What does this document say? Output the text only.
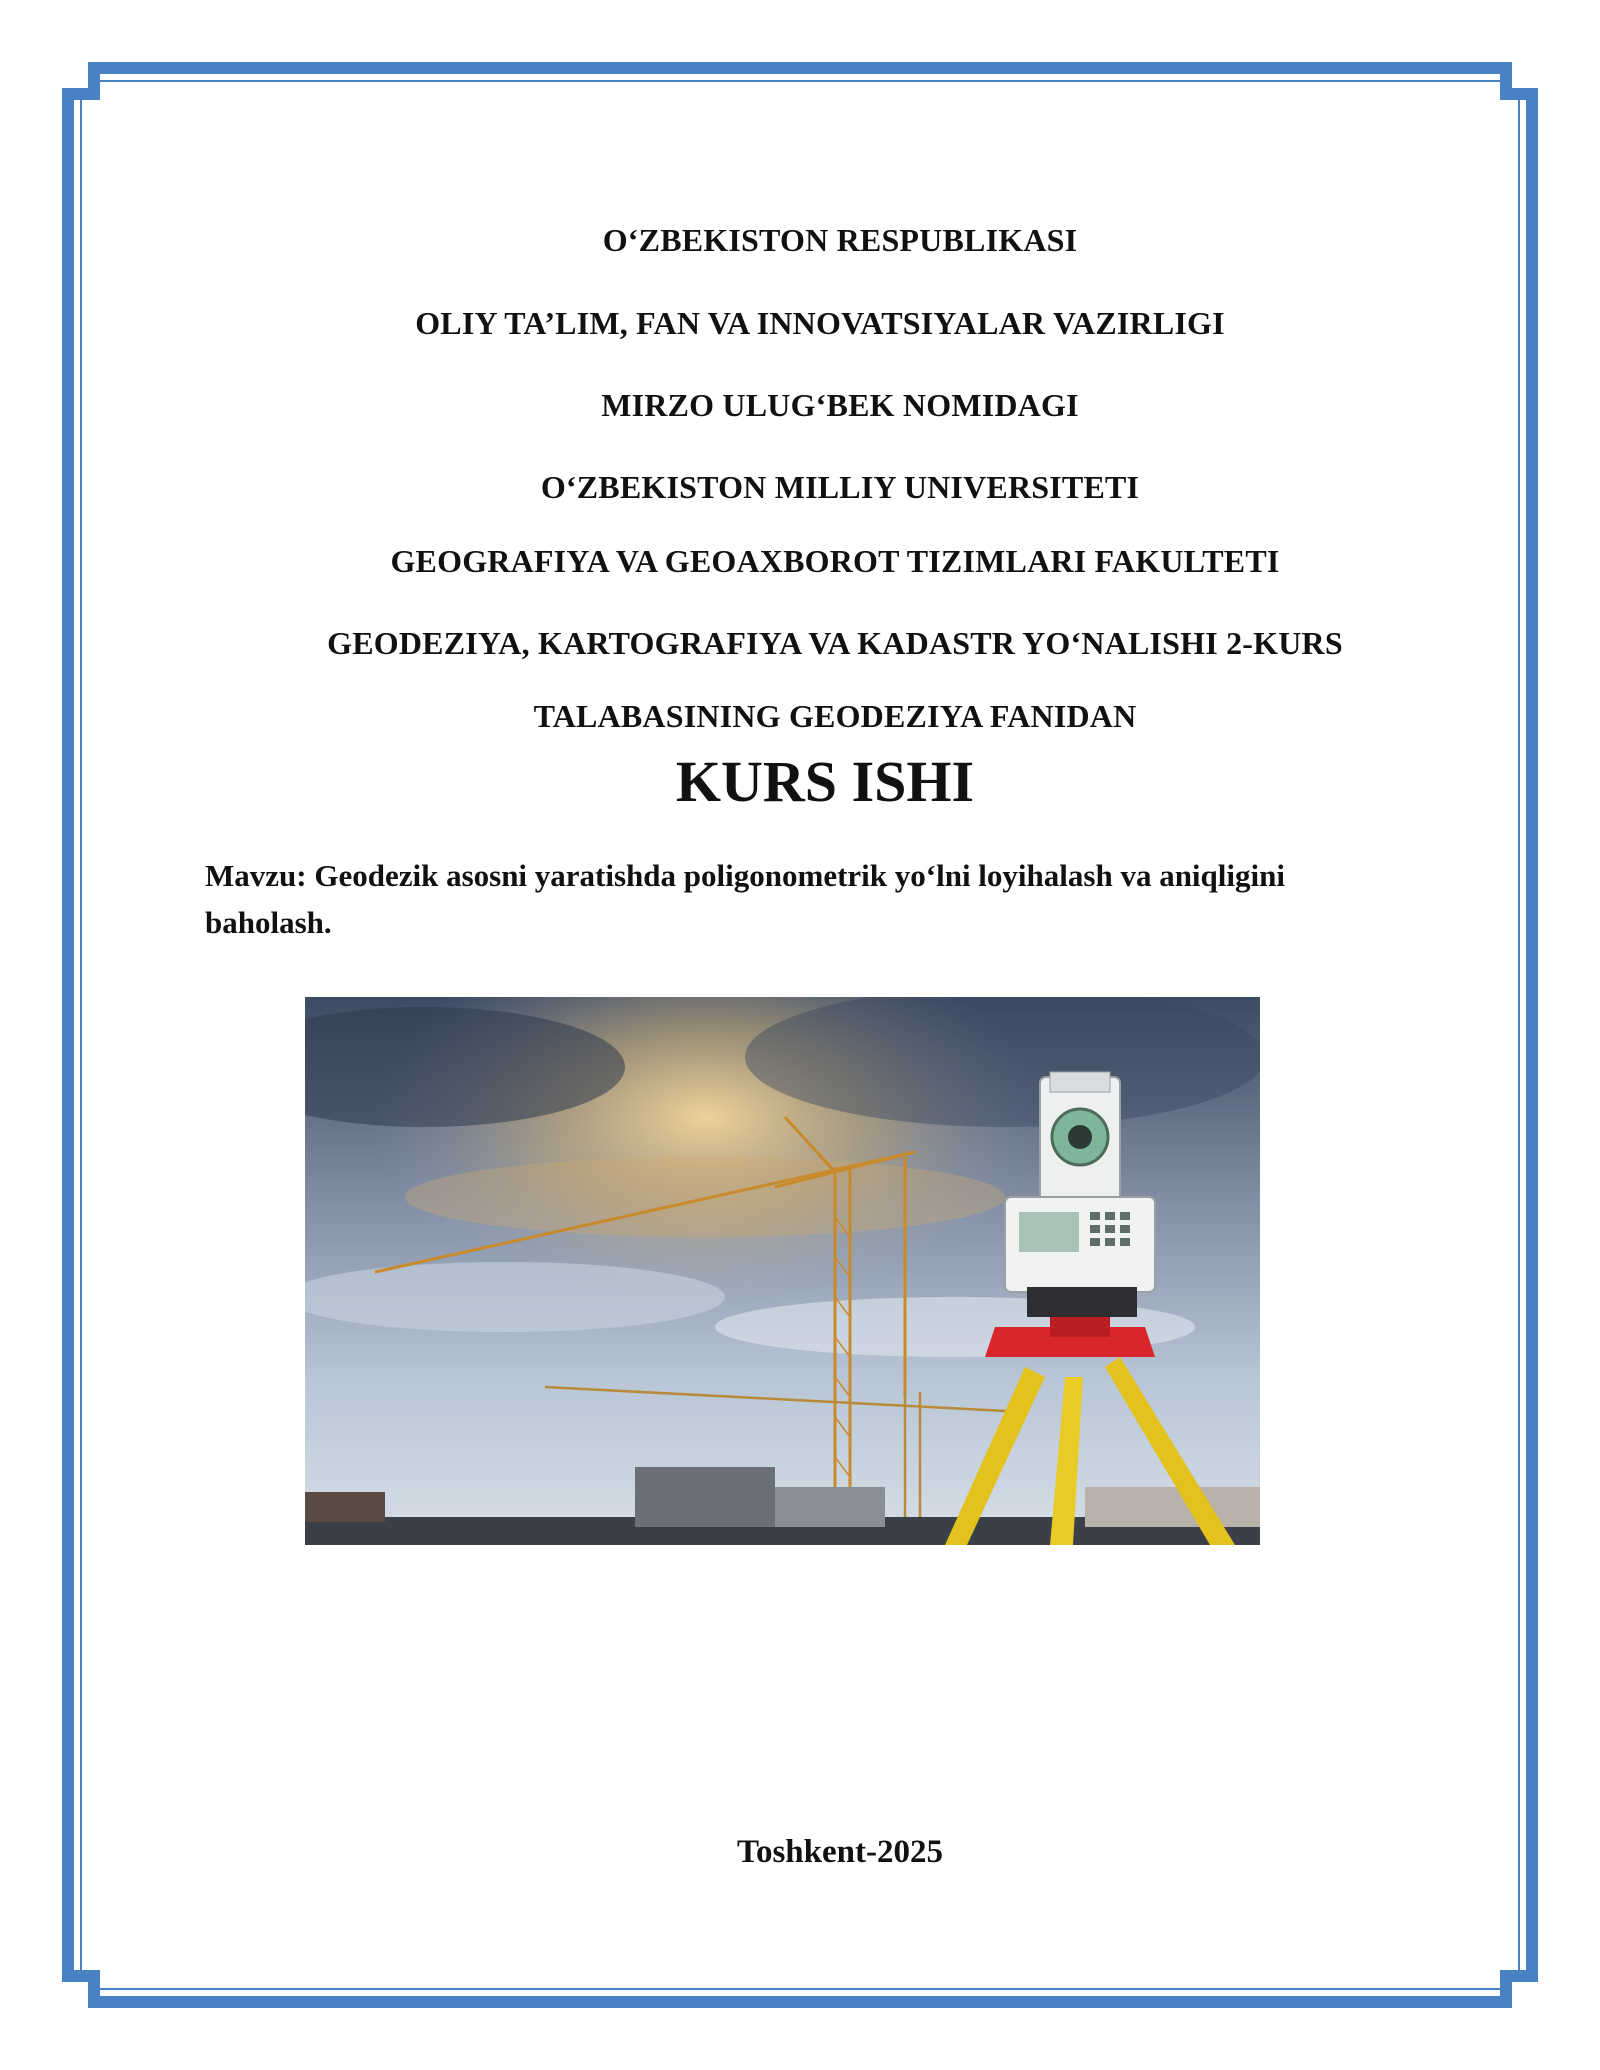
O‘ZBEKISTON RESPUBLIKASI
OLIY TA’LIM, FAN VA INNOVATSIYALAR VAZIRLIGI
MIRZO ULUG‘BEK NOMIDAGI
O‘ZBEKISTON MILLIY UNIVERSITETI
GEOGRAFIYA VA GEOAXBOROT TIZIMLARI FAKULTETI
GEODEZIYA, KARTOGRAFIYA VA KADASTR YO‘NALISHI 2-KURS
TALABASINING GEODEZIYA FANIDAN
KURS ISHI
Mavzu: Geodezik asosni yaratishda poligonometrik yo‘lni loyihalash va aniqligini baholash.
Toshkent-2025
